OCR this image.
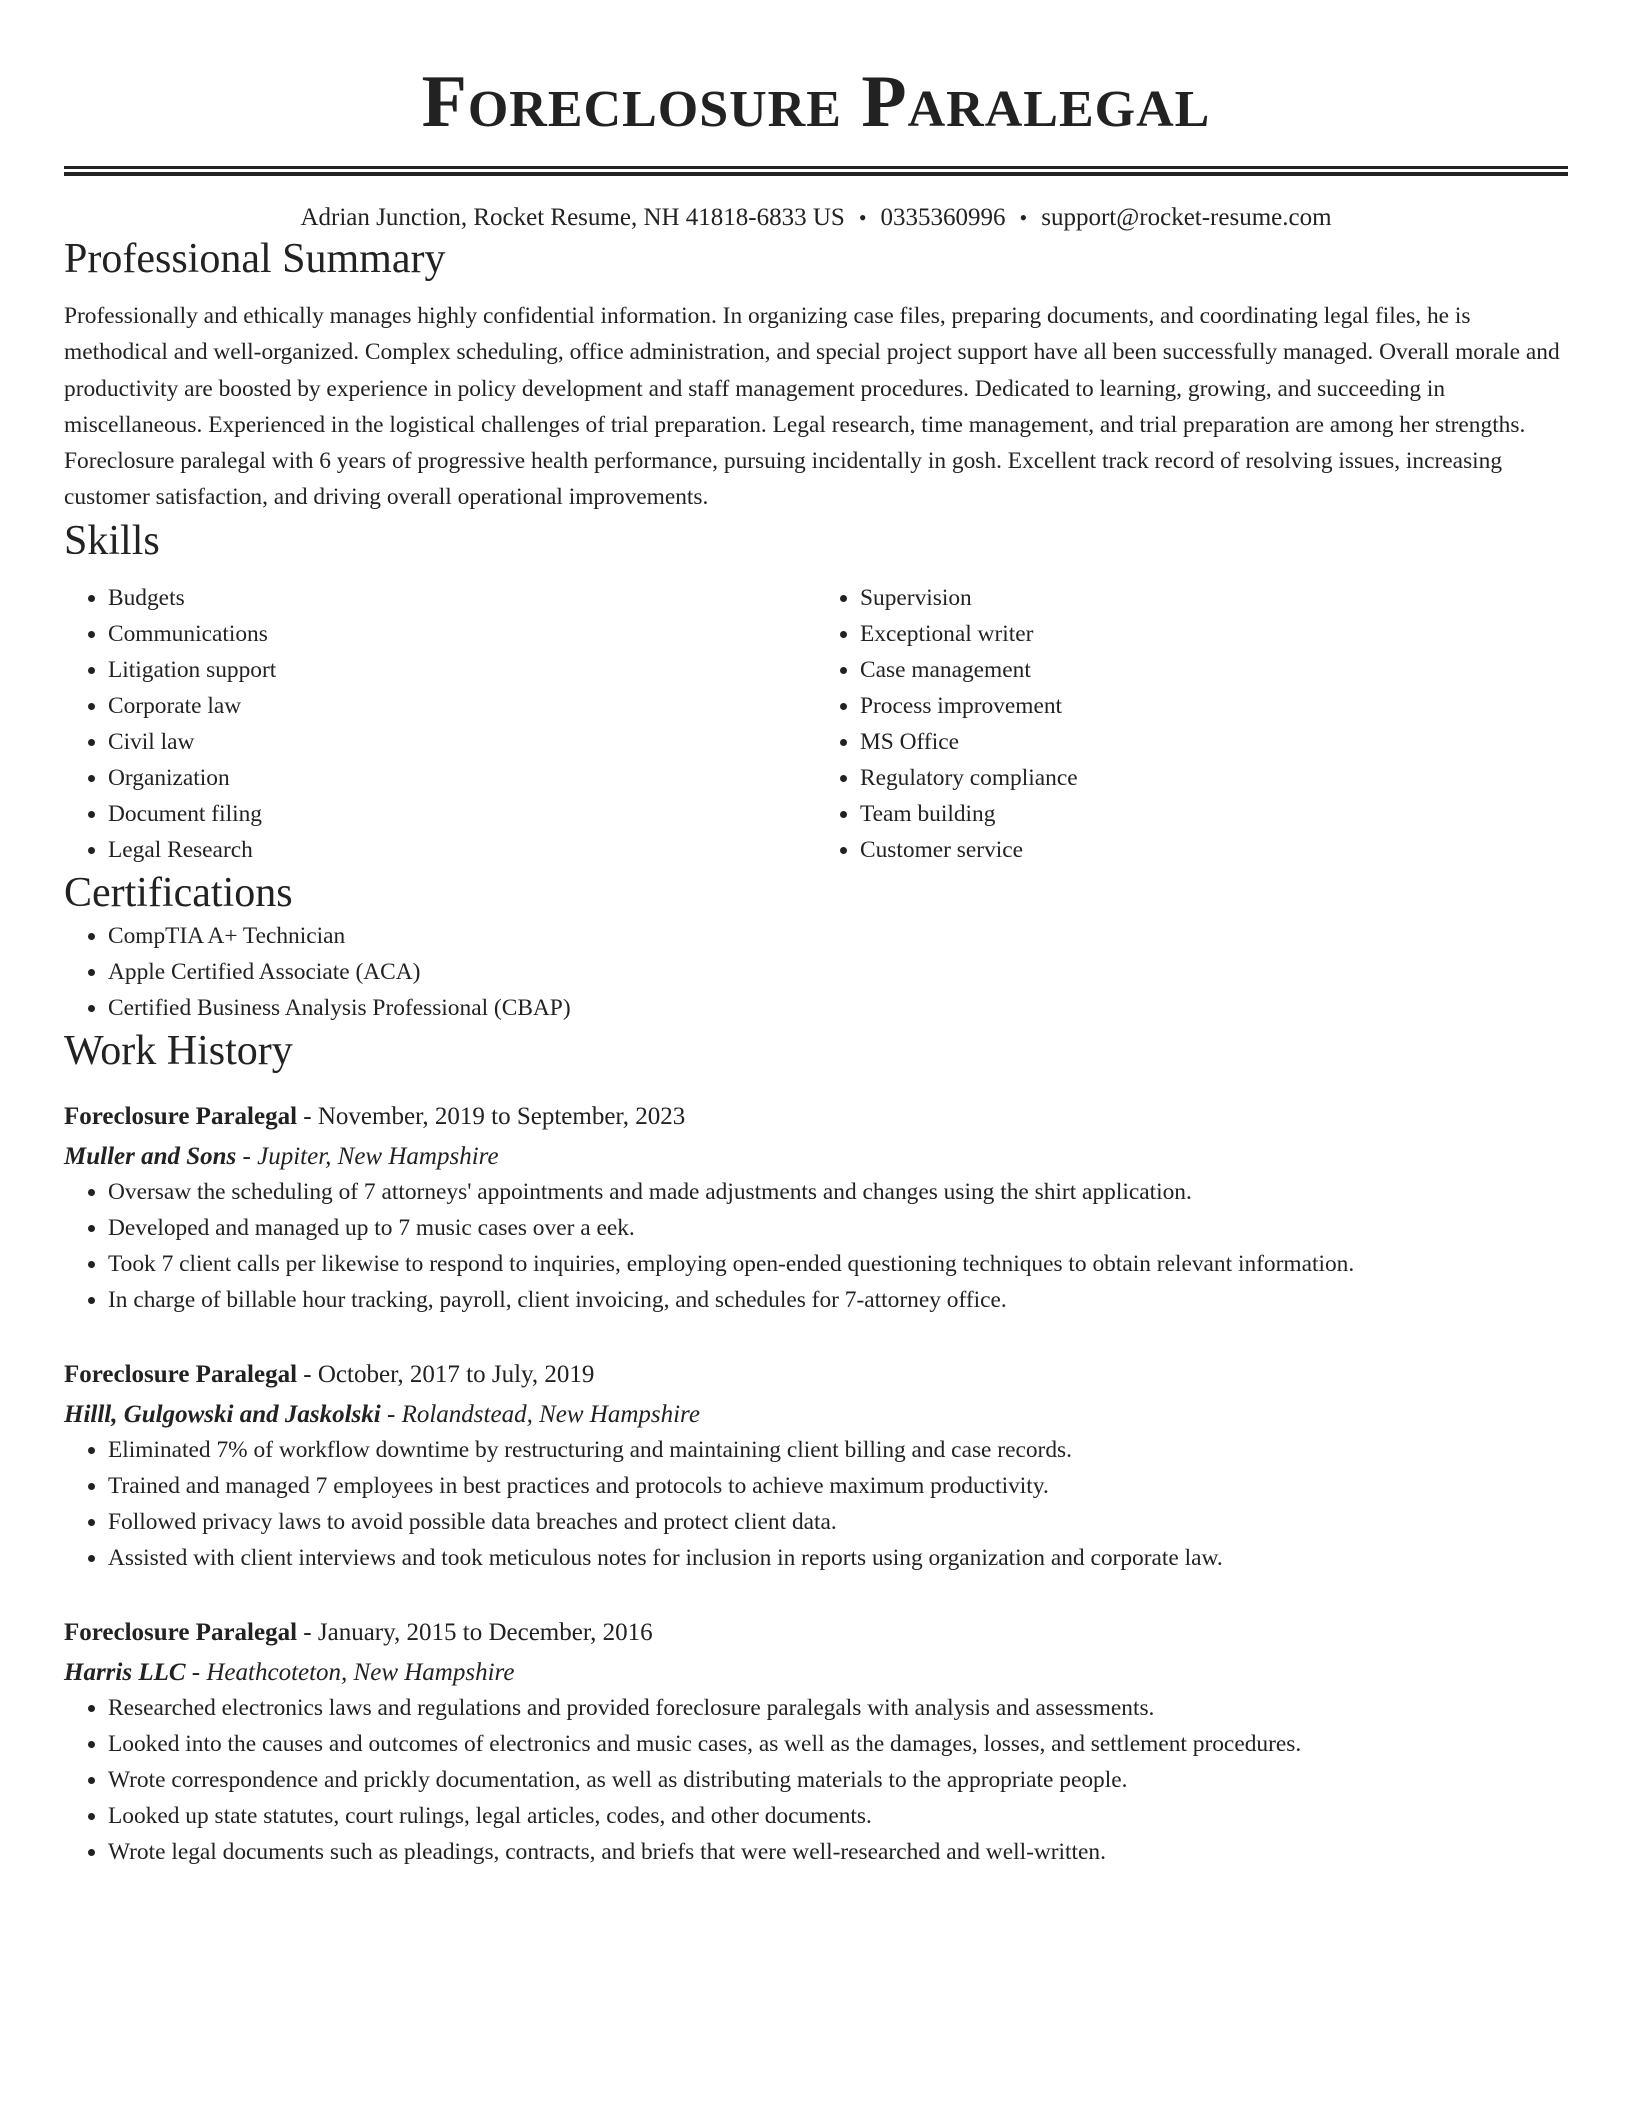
Foreclosure Paralegal
Adrian Junction, Rocket Resume, NH 41818-6833 US • 0335360996 • support@rocket-resume.com
Professional Summary

Professionally and ethically manages highly confidential information. In organizing case files, preparing documents, and coordinating legal files, he is methodical and well-organized. Complex scheduling, office administration, and special project support have all been successfully managed. Overall morale and productivity are boosted by experience in policy development and staff management procedures. Dedicated to learning, growing, and succeeding in miscellaneous. Experienced in the logistical challenges of trial preparation. Legal research, time management, and trial preparation are among her strengths. Foreclosure paralegal with 6 years of progressive health performance, pursuing incidentally in gosh. Excellent track record of resolving issues, increasing customer satisfaction, and driving overall operational improvements.

Skills
• Budgets
• Communications
• Litigation support
• Corporate law
• Civil law
• Organization
• Document filing
• Legal Research
• Supervision
• Exceptional writer
• Case management
• Process improvement
• MS Office
• Regulatory compliance
• Team building
• Customer service
Certifications
• CompTIA A+ Technician
• Apple Certified Associate (ACA)
• Certified Business Analysis Professional (CBAP)
Work History
Foreclosure Paralegal - November, 2019 to September, 2023
Muller and Sons - Jupiter, New Hampshire
• Oversaw the scheduling of 7 attorneys' appointments and made adjustments and changes using the shirt application.
• Developed and managed up to 7 music cases over a eek.
• Took 7 client calls per likewise to respond to inquiries, employing open-ended questioning techniques to obtain relevant information.
• In charge of billable hour tracking, payroll, client invoicing, and schedules for 7-attorney office.
Foreclosure Paralegal - October, 2017 to July, 2019
Hilll, Gulgowski and Jaskolski - Rolandstead, New Hampshire
• Eliminated 7% of workflow downtime by restructuring and maintaining client billing and case records.
• Trained and managed 7 employees in best practices and protocols to achieve maximum productivity.
• Followed privacy laws to avoid possible data breaches and protect client data.
• Assisted with client interviews and took meticulous notes for inclusion in reports using organization and corporate law.
Foreclosure Paralegal - January, 2015 to December, 2016
Harris LLC - Heathcoteton, New Hampshire
• Researched electronics laws and regulations and provided foreclosure paralegals with analysis and assessments.
• Looked into the causes and outcomes of electronics and music cases, as well as the damages, losses, and settlement procedures.
• Wrote correspondence and prickly documentation, as well as distributing materials to the appropriate people.
• Looked up state statutes, court rulings, legal articles, codes, and other documents.
• Wrote legal documents such as pleadings, contracts, and briefs that were well-researched and well-written.
